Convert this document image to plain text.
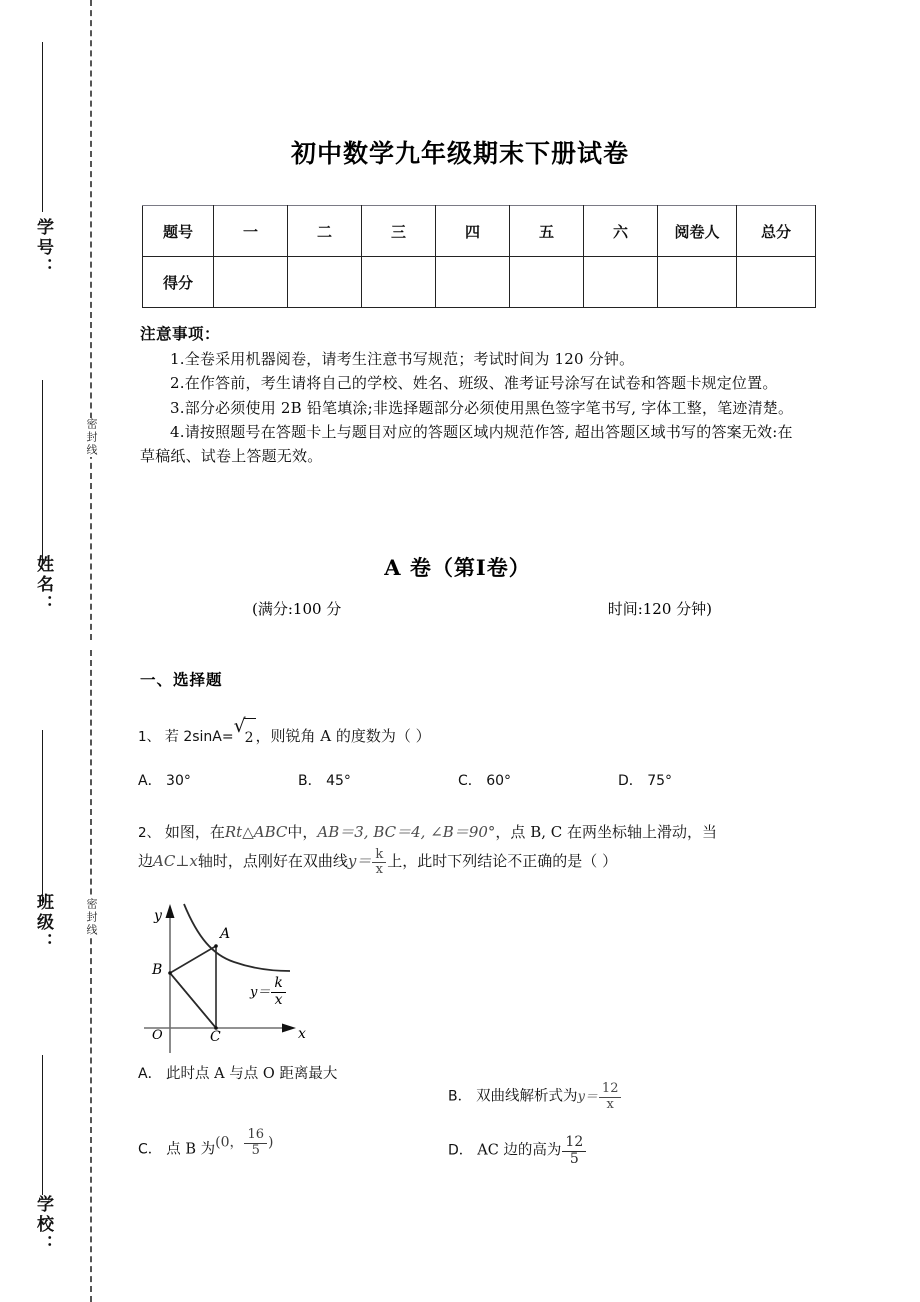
学号：
姓名：
班级：
学校：
密封线
密封线
初中数学九年级期末下册试卷
题号	一	二	三	四	五	六	阅卷人	总分
得分								
注意事项：
1.全卷采用机器阅卷，请考生注意书写规范；考试时间为 120 分钟。
2.在作答前，考生请将自己的学校、姓名、班级、准考证号涂写在试卷和答题卡规定位置。
3.部分必须使用 2B 铅笔填涂;非选择题部分必须使用黑色签字笔书写, 字体工整，笔迹清楚。
4.请按照题号在答题卡上与题目对应的答题区域内规范作答, 超出答题区域书写的答案无效:在草稿纸、试卷上答题无效。
A 卷（第Ⅰ卷）
(满分:100 分	时间:120 分钟)
一、选择题
1、 若 2sinA= √
2 ，则锐角 A 的度数为（ ）
A． 30°	B． 45°	C． 60°	D． 75°
2、 如图，在Rt△ABC中，AB＝3, BC＝4, ∠B＝90°，点 B, C 在两坐标轴上滑动，当
边AC⊥x轴时，点刚好在双曲线$y= \frac{k}{x}$ 上，此时下列结论不正确的是（ ）
y
x
O
A
B
C
$y= \frac{k}{x}$
A． 此时点 A 与点 O 距离最大
B． 双曲线解析式为$y= \frac{12}{x}$
C． 点 B 为(0， $\frac{16}{5}$ )	D． AC 边的高为 $\frac{12}{5}$
